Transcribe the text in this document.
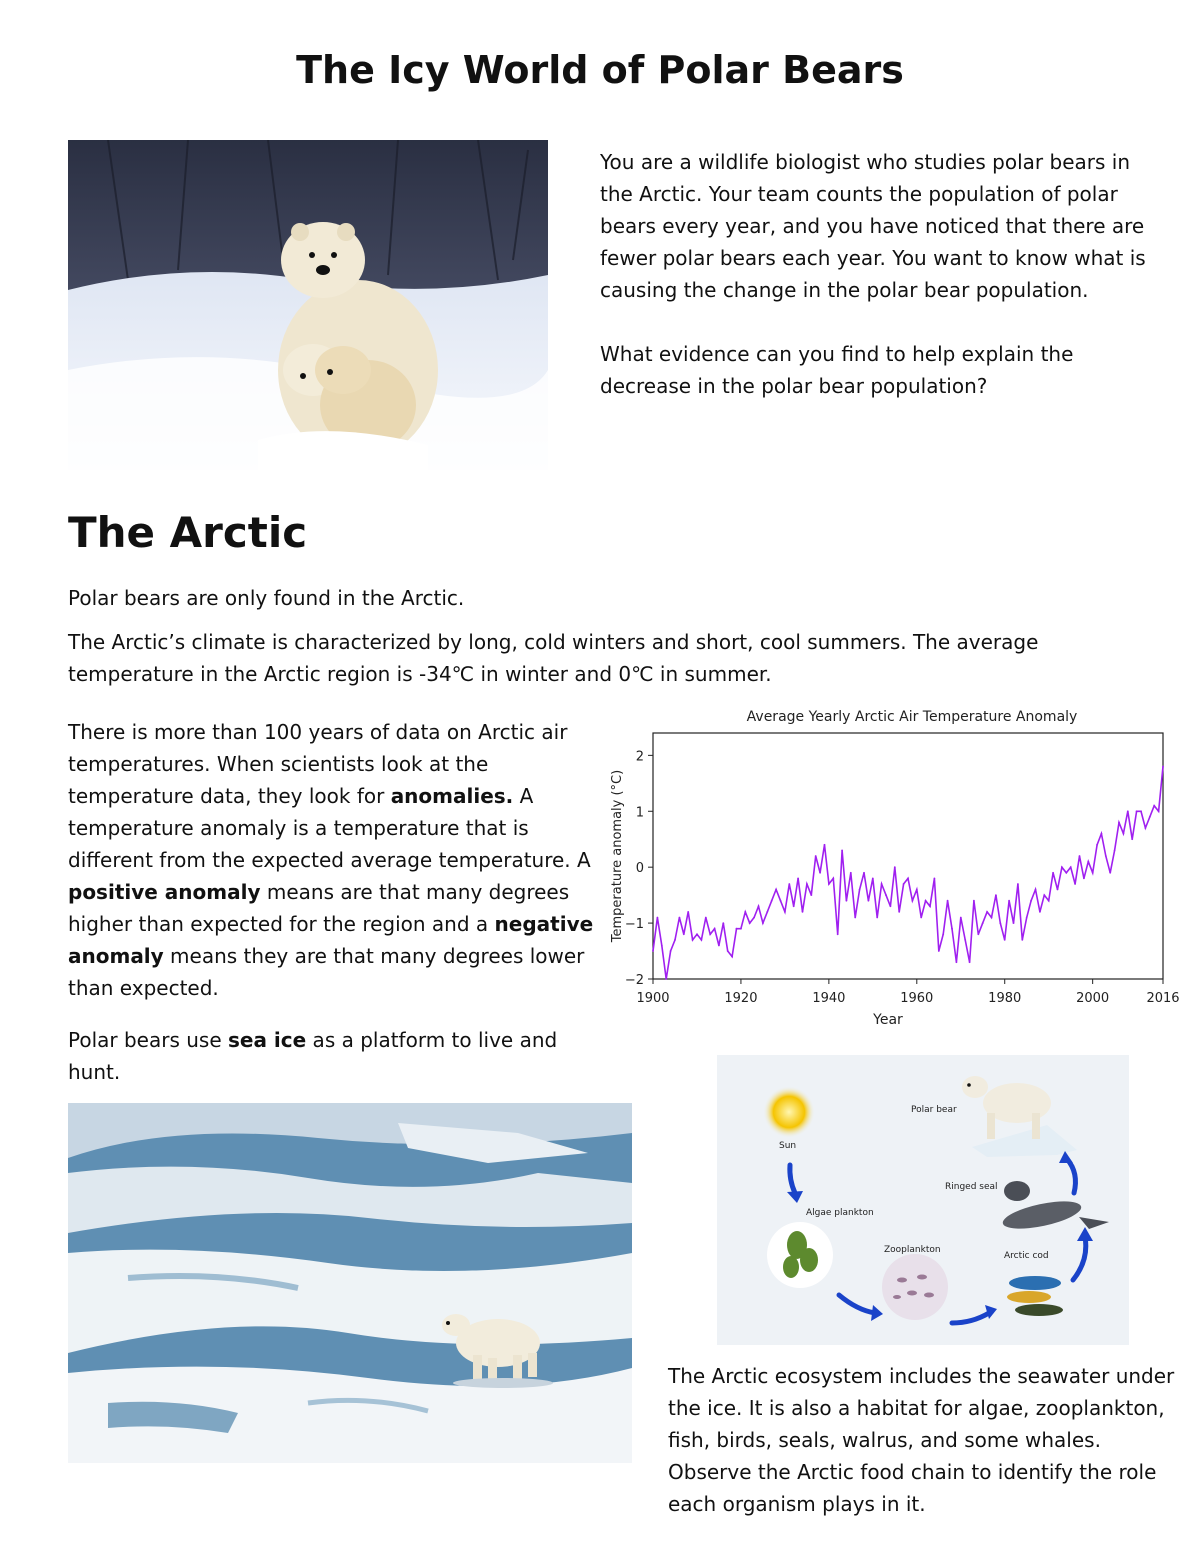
The Icy World of Polar Bears

You are a wildlife biologist who studies polar bears in the Arctic. Your team counts the population of polar bears every year, and you have noticed that there are fewer polar bears each year. You want to know what is causing the change in the polar bear population.

What evidence can you find to help explain the decrease in the polar bear population?

The Arctic

Polar bears are only found in the Arctic.

The Arctic’s climate is characterized by long, cold winters and short, cool summers. The average temperature in the Arctic region is -34℃ in winter and 0℃ in summer.

There is more than 100 years of data on Arctic air temperatures. When scientists look at the temperature data, they look for anomalies. A temperature anomaly is a temperature that is different from the expected average temperature. A positive anomaly means are that many degrees higher than expected for the region and a negative anomaly means they are that many degrees lower than expected.

Polar bears use sea ice as a platform to live and hunt.

Average Yearly Arctic Air Temperature Anomaly
−2
−1
0
1
2
1900	1920	1940	1960	1980	2000	2016
Year
Temperature anomaly (°C)
Sun
Polar bear
Ringed seal
Algae plankton
Zooplankton
Arctic cod

The Arctic ecosystem includes the seawater under the ice. It is also a habitat for algae, zooplankton, fish, birds, seals, walrus, and some whales. Observe the Arctic food chain to identify the role each organism plays in it.
